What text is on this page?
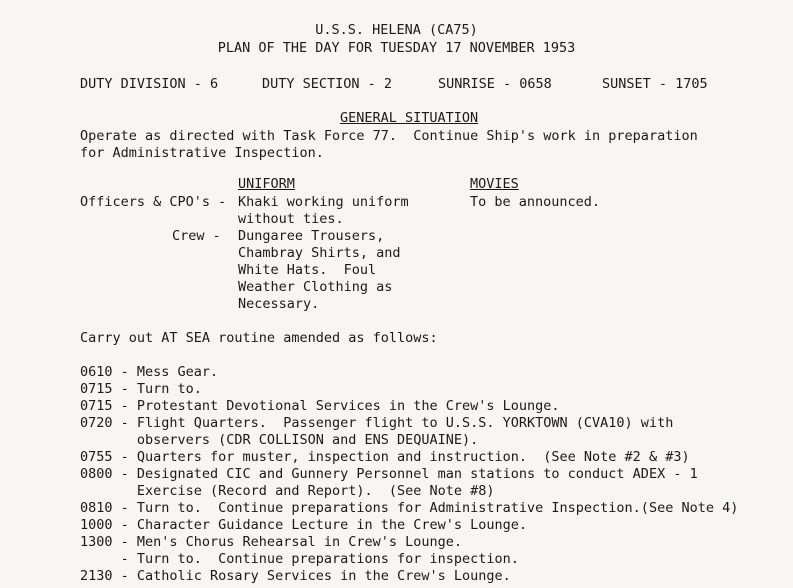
U.S.S. HELENA (CA75)
PLAN OF THE DAY FOR TUESDAY 17 NOVEMBER 1953
DUTY DIVISION - 6	DUTY SECTION - 2	SUNRISE - 0658	SUNSET - 1705
GENERAL SITUATION
Operate as directed with Task Force 77.  Continue Ship's work in preparation
for Administrative Inspection.
UNIFORM	MOVIES
Officers & CPO's - Khaki working uniform	To be announced.
without ties.
Crew - Dungaree Trousers,
Chambray Shirts, and
White Hats.  Foul
Weather Clothing as
Necessary.
Carry out AT SEA routine amended as follows:
0610 - Mess Gear.
0715 - Turn to.
0715 - Protestant Devotional Services in the Crew's Lounge.
0720 - Flight Quarters.  Passenger flight to U.S.S. YORKTOWN (CVA10) with
observers (CDR COLLISON and ENS DEQUAINE).
0755 - Quarters for muster, inspection and instruction.  (See Note #2 & #3)
0800 - Designated CIC and Gunnery Personnel man stations to conduct ADEX - 1
Exercise (Record and Report).  (See Note #8)
0810 - Turn to.  Continue preparations for Administrative Inspection.(See Note 4)
1000 - Character Guidance Lecture in the Crew's Lounge.
1300 - Men's Chorus Rehearsal in Crew's Lounge.
- Turn to.  Continue preparations for inspection.
2130 - Catholic Rosary Services in the Crew's Lounge.
